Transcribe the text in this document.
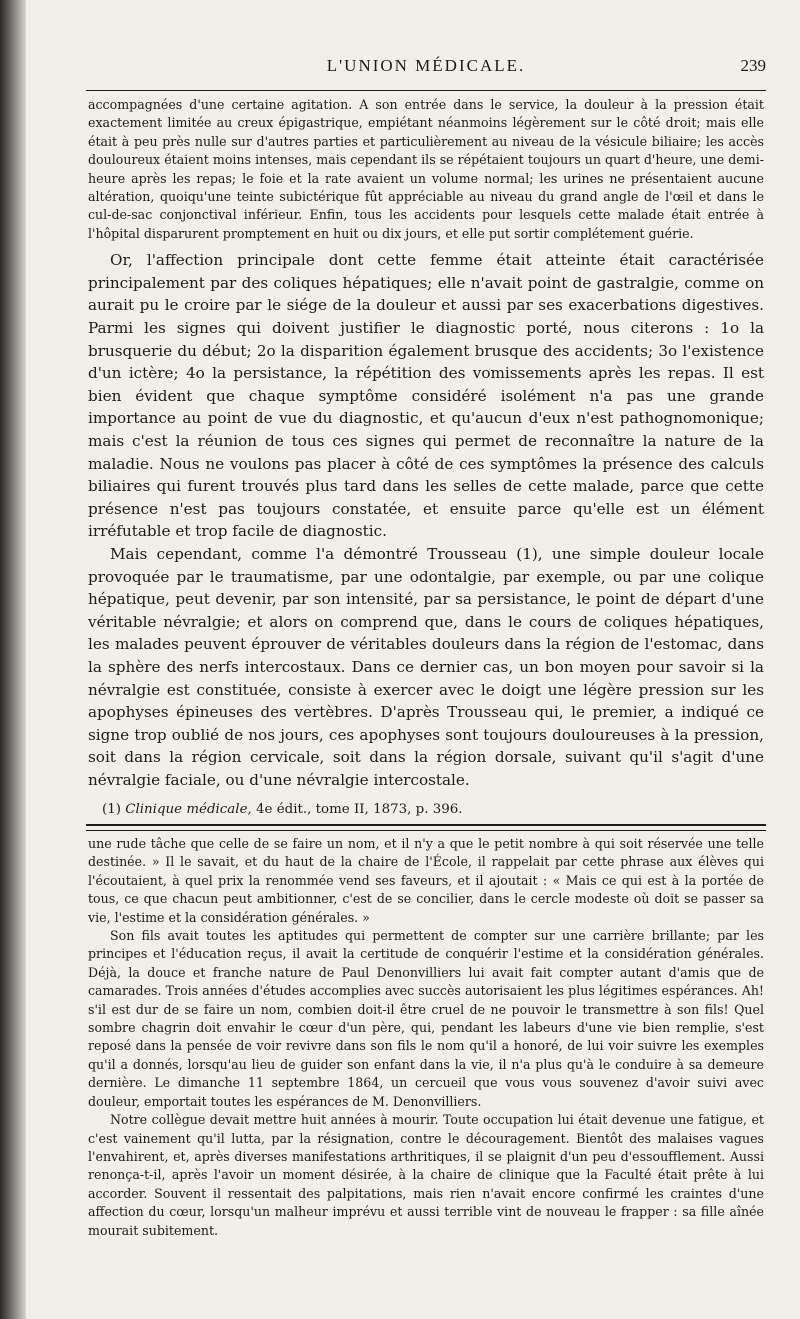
L'UNION MÉDICALE.	239

accompagnées d'une certaine agitation. A son entrée dans le service, la douleur à la pression était exactement limitée au creux épigastrique, empiétant néanmoins légèrement sur le côté droit; mais elle était à peu près nulle sur d'autres parties et particulièrement au niveau de la vésicule biliaire; les accès douloureux étaient moins intenses, mais cependant ils se répétaient toujours un quart d'heure, une demi-heure après les repas; le foie et la rate avaient un volume normal; les urines ne présentaient aucune altération, quoiqu'une teinte subictérique fût appréciable au niveau du grand angle de l'œil et dans le cul-de-sac conjonctival inférieur. Enfin, tous les accidents pour lesquels cette malade était entrée à l'hôpital disparurent promptement en huit ou dix jours, et elle put sortir complétement guérie.

Or, l'affection principale dont cette femme était atteinte était caractérisée principalement par des coliques hépatiques; elle n'avait point de gastralgie, comme on aurait pu le croire par le siége de la douleur et aussi par ses exacerbations digestives. Parmi les signes qui doivent justifier le diagnostic porté, nous citerons : 1o la brusquerie du début; 2o la disparition également brusque des accidents; 3o l'existence d'un ictère; 4o la persistance, la répétition des vomissements après les repas. Il est bien évident que chaque symptôme considéré isolément n'a pas une grande importance au point de vue du diagnostic, et qu'aucun d'eux n'est pathognomonique; mais c'est la réunion de tous ces signes qui permet de reconnaître la nature de la maladie. Nous ne voulons pas placer à côté de ces symptômes la présence des calculs biliaires qui furent trouvés plus tard dans les selles de cette malade, parce que cette présence n'est pas toujours constatée, et ensuite parce qu'elle est un élément irréfutable et trop facile de diagnostic.

Mais cependant, comme l'a démontré Trousseau (1), une simple douleur locale provoquée par le traumatisme, par une odontalgie, par exemple, ou par une colique hépatique, peut devenir, par son intensité, par sa persistance, le point de départ d'une véritable névralgie; et alors on comprend que, dans le cours de coliques hépatiques, les malades peuvent éprouver de véritables douleurs dans la région de l'estomac, dans la sphère des nerfs intercostaux. Dans ce dernier cas, un bon moyen pour savoir si la névralgie est constituée, consiste à exercer avec le doigt une légère pression sur les apophyses épineuses des vertèbres. D'après Trousseau qui, le premier, a indiqué ce signe trop oublié de nos jours, ces apophyses sont toujours douloureuses à la pression, soit dans la région cervicale, soit dans la région dorsale, suivant qu'il s'agit d'une névralgie faciale, ou d'une névralgie intercostale.

(1) Clinique médicale, 4e édit., tome II, 1873, p. 396.

une rude tâche que celle de se faire un nom, et il n'y a que le petit nombre à qui soit réservée une telle destinée. » Il le savait, et du haut de la chaire de l'École, il rappelait par cette phrase aux élèves qui l'écoutaient, à quel prix la renommée vend ses faveurs, et il ajoutait : « Mais ce qui est à la portée de tous, ce que chacun peut ambitionner, c'est de se concilier, dans le cercle modeste où doit se passer sa vie, l'estime et la considération générales. »

Son fils avait toutes les aptitudes qui permettent de compter sur une carrière brillante; par les principes et l'éducation reçus, il avait la certitude de conquérir l'estime et la considération générales. Déjà, la douce et franche nature de Paul Denonvilliers lui avait fait compter autant d'amis que de camarades. Trois années d'études accomplies avec succès autorisaient les plus légitimes espérances. Ah! s'il est dur de se faire un nom, combien doit-il être cruel de ne pouvoir le transmettre à son fils! Quel sombre chagrin doit envahir le cœur d'un père, qui, pendant les labeurs d'une vie bien remplie, s'est reposé dans la pensée de voir revivre dans son fils le nom qu'il a honoré, de lui voir suivre les exemples qu'il a donnés, lorsqu'au lieu de guider son enfant dans la vie, il n'a plus qu'à le conduire à sa demeure dernière. Le dimanche 11 septembre 1864, un cercueil que vous vous souvenez d'avoir suivi avec douleur, emportait toutes les espérances de M. Denonvilliers.

Notre collègue devait mettre huit années à mourir. Toute occupation lui était devenue une fatigue, et c'est vainement qu'il lutta, par la résignation, contre le découragement. Bientôt des malaises vagues l'envahirent, et, après diverses manifestations arthritiques, il se plaignit d'un peu d'essoufflement. Aussi renonça-t-il, après l'avoir un moment désirée, à la chaire de clinique que la Faculté était prête à lui accorder. Souvent il ressentait des palpitations, mais rien n'avait encore confirmé les craintes d'une affection du cœur, lorsqu'un malheur imprévu et aussi terrible vint de nouveau le frapper : sa fille aînée mourait subitement.
